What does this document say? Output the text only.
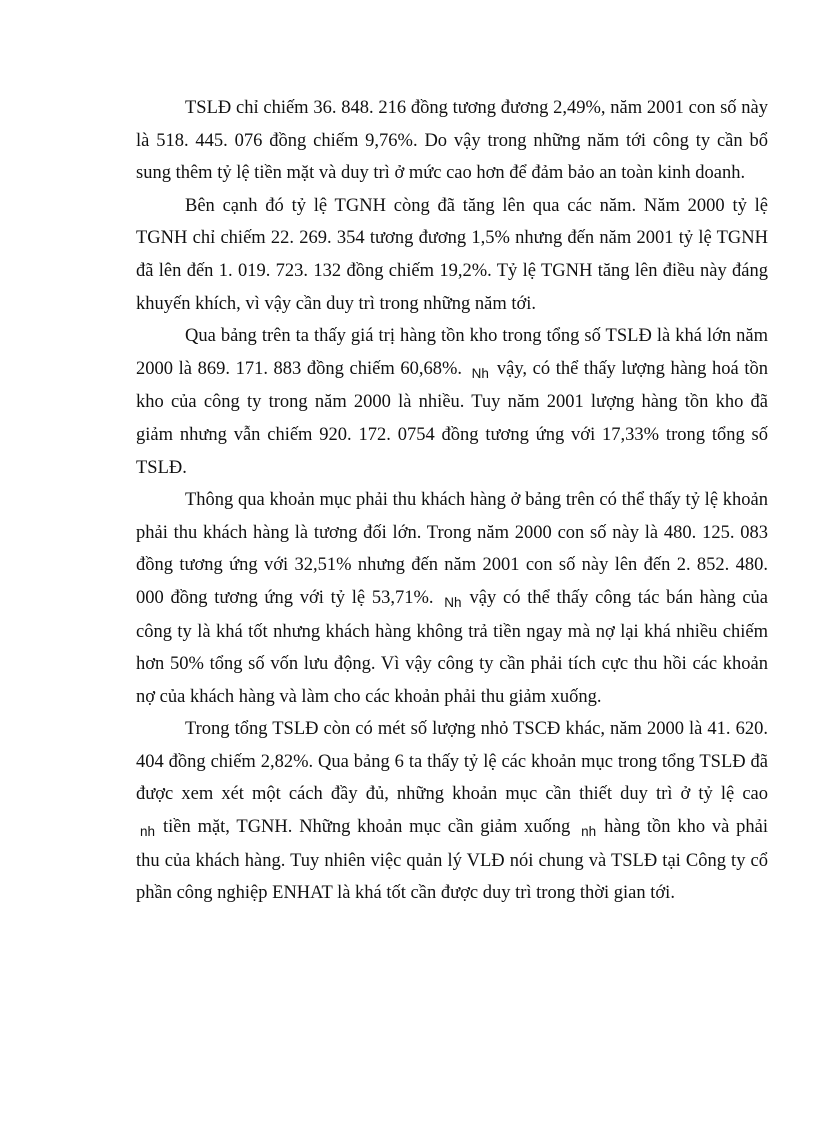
TSLĐ chỉ chiếm 36. 848. 216 đồng tương đương 2,49%, năm 2001 con số này là 518. 445. 076 đồng chiếm 9,76%. Do vậy trong những năm tới công ty cần bổ sung thêm tỷ lệ tiền mặt và duy trì ở mức cao hơn để đảm bảo an toàn kinh doanh.

Bên cạnh đó tỷ lệ TGNH còng đã tăng lên qua các năm. Năm 2000 tỷ lệ TGNH chỉ chiếm 22. 269. 354 tương đương 1,5% nhưng đến năm 2001 tỷ lệ TGNH đã lên đến 1. 019. 723. 132 đồng chiếm 19,2%. Tỷ lệ TGNH tăng lên điều này đáng khuyến khích, vì vậy cần duy trì trong những năm tới.

Qua bảng trên ta thấy giá trị hàng tồn kho trong tổng số TSLĐ là khá lớn năm 2000 là 869. 171. 883 đồng chiếm 60,68%. $_{Nh}$ vậy, có thể thấy lượng hàng hoá tồn kho của công ty trong năm 2000 là nhiều. Tuy năm 2001 lượng hàng tồn kho đã giảm nhưng vẫn chiếm 920. 172. 0754 đồng tương ứng với 17,33% trong tổng số TSLĐ.

Thông qua khoản mục phải thu khách hàng ở bảng trên có thể thấy tỷ lệ khoản phải thu khách hàng là tương đối lớn. Trong năm 2000 con số này là 480. 125. 083 đồng tương ứng với 32,51% nhưng đến năm 2001 con số này lên đến 2. 852. 480. 000 đồng tương ứng với tỷ lệ 53,71%. $_{Nh}$ vậy có thể thấy công tác bán hàng của công ty là khá tốt nhưng khách hàng không trả tiền ngay mà nợ lại khá nhiều chiếm hơn 50% tổng số vốn lưu động. Vì vậy công ty cần phải tích cực thu hồi các khoản nợ của khách hàng và làm cho các khoản phải thu giảm xuống.

Trong tổng TSLĐ còn có mét số lượng nhỏ TSCĐ khác, năm 2000 là 41. 620. 404 đồng chiếm 2,82%. Qua bảng 6 ta thấy tỷ lệ các khoản mục trong tổng TSLĐ đã được xem xét một cách đầy đủ, những khoản mục cần thiết duy trì ở tỷ lệ cao $_{nh}$ tiền mặt, TGNH. Những khoản mục cần giảm xuống $_{nh}$ hàng tồn kho và phải thu của khách hàng. Tuy nhiên việc quản lý VLĐ nói chung và TSLĐ tại Công ty cổ phần công nghiệp ENHAT là khá tốt cần được duy trì trong thời gian tới.
